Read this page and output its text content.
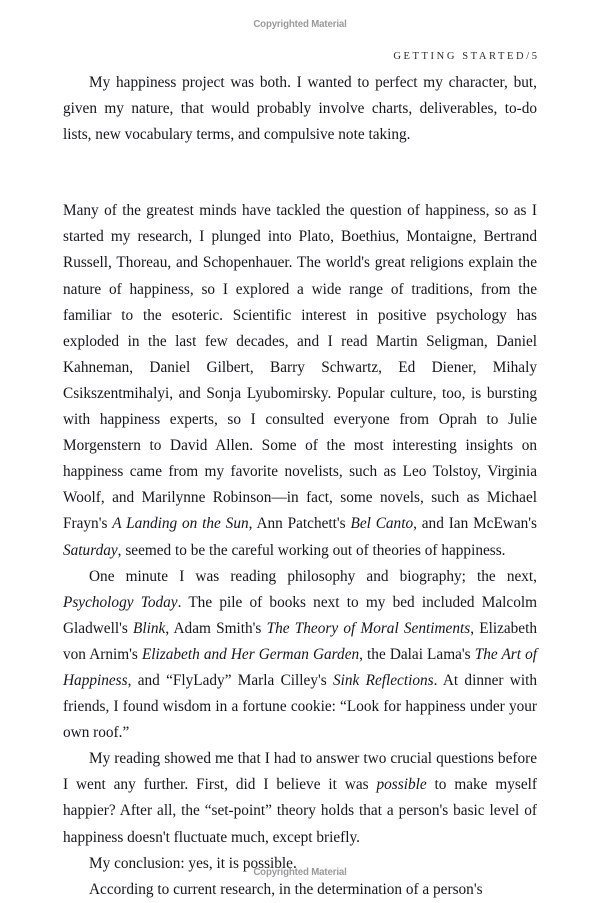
Copyrighted Material

GETTING STARTED/5

My happiness project was both. I wanted to perfect my character, but, given my nature, that would probably involve charts, deliverables, to-do lists, new vocabulary terms, and compulsive note taking.

Many of the greatest minds have tackled the question of happiness, so as I started my research, I plunged into Plato, Boethius, Montaigne, Bertrand Russell, Thoreau, and Schopenhauer. The world's great religions explain the nature of happiness, so I explored a wide range of traditions, from the familiar to the esoteric. Scientific interest in positive psychology has exploded in the last few decades, and I read Martin Seligman, Daniel Kahneman, Daniel Gilbert, Barry Schwartz, Ed Diener, Mihaly Csikszentmihalyi, and Sonja Lyubomirsky. Popular culture, too, is bursting with happiness experts, so I consulted everyone from Oprah to Julie Morgenstern to David Allen. Some of the most interesting insights on happiness came from my favorite novelists, such as Leo Tolstoy, Virginia Woolf, and Marilynne Robinson—in fact, some novels, such as Michael Frayn's A Landing on the Sun, Ann Patchett's Bel Canto, and Ian McEwan's Saturday, seemed to be the careful working out of theories of happiness.

One minute I was reading philosophy and biography; the next, Psychology Today. The pile of books next to my bed included Malcolm Gladwell's Blink, Adam Smith's The Theory of Moral Sentiments, Elizabeth von Arnim's Elizabeth and Her German Garden, the Dalai Lama's The Art of Happiness, and “FlyLady” Marla Cilley's Sink Reflections. At dinner with friends, I found wisdom in a fortune cookie: “Look for happiness under your own roof.”

My reading showed me that I had to answer two crucial questions before I went any further. First, did I believe it was possible to make myself happier? After all, the “set-point” theory holds that a person's basic level of happiness doesn't fluctuate much, except briefly.

My conclusion: yes, it is possible.

According to current research, in the determination of a person's

Copyrighted Material
